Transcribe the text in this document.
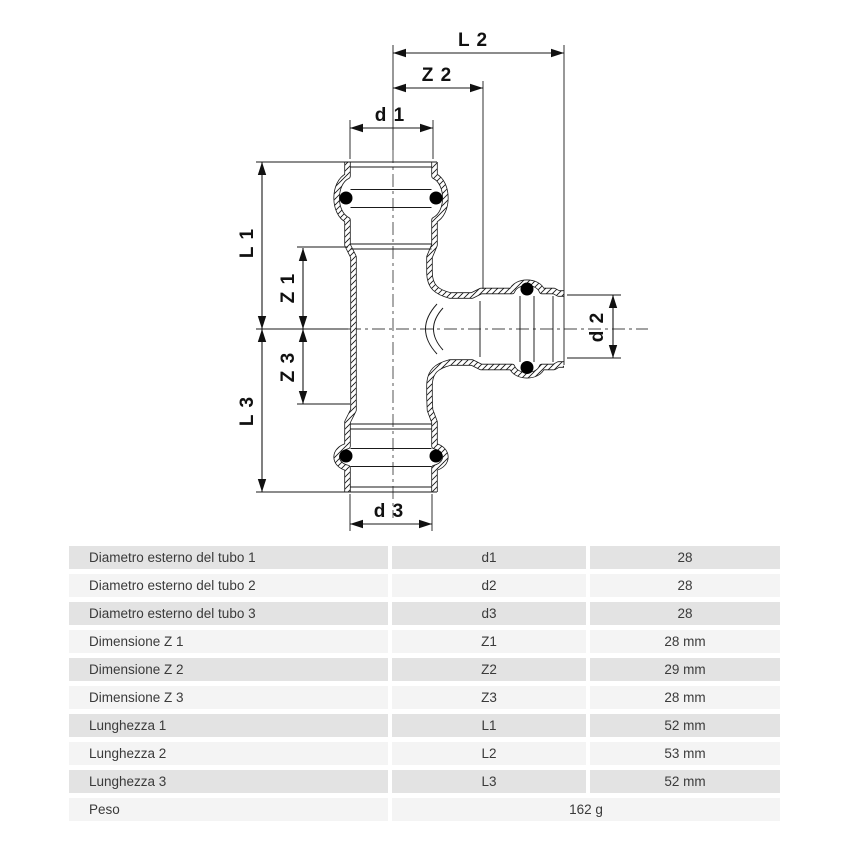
L 2
Z 2
d 1
d 3
L 1
Z 1
Z 3
L 3
d 2
Diametro esterno del tubo 1	d1	28
Diametro esterno del tubo 2	d2	28
Diametro esterno del tubo 3	d3	28
Dimensione Z 1	Z1	28 mm
Dimensione Z 2	Z2	29 mm
Dimensione Z 3	Z3	28 mm
Lunghezza 1	L1	52 mm
Lunghezza 2	L2	53 mm
Lunghezza 3	L3	52 mm
Peso	162 g
